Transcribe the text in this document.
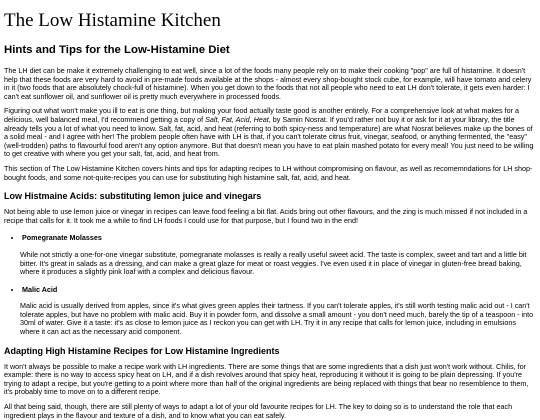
The Low Histamine Kitchen
Hints and Tips for the Low-Histamine Diet

The LH diet can be make it extremely challenging to eat well, since a lot of the foods many people rely on to make their cooking "pop" are full of histamine. It doesn't help that these foods are very hard to avoid in pre-made foods available at the shops - almost every shop-bought stock cube, for example, will have tomato and celery in it (two foods that are absolutely chock-full of histamine). When you get down to the foods that not all people who need to eat LH don't tolerate, it gets even harder: I can't eat sunflower oil, and sunflower oil is pretty much everywhere in processed foods.

Figuring out what won't make you ill to eat is one thing, but making your food actually taste good is another entirely. For a comprehensive look at what makes for a delicious, well balanced meal, I'd recommend getting a copy of Salt, Fat, Acid, Heat, by Samin Nosrat. If you'd rather not buy it or ask for it at your library, the title already tells you a lot of what you need to know. Salt, fat, acid, and heat (referring to both spicy-ness and temperature) are what Nosrat believes make up the bones of a solid meal - and I agree with her! The problem people often have with LH is that, if you can't tolerate citrus fruit, vinegar, seafood, or anything fermented, the "easy" (well-trodden) paths to flavourful food aren't any option anymore. But that doesn't mean you have to eat plain mashed potato for every meal! You just need to be willing to get creative with where you get your salt, fat, acid, and heat from.

This section of The Low Histamine Kitchen covers hints and tips for adapting recipes to LH without compromising on flavour, as well as recomemndations for LH shop-bought foods, and some not-quite-recipes you can use for substituting high histamine salt, fat, acid, and heat.

Low Histmaine Acids: substituting lemon juice and vinegars

Not being able to use lemon juice or vinegar in recipes can leave food feeling a bit flat. Acids bring out other flavours, and the zing is much missed if not included in a recipe that calls for it. It took me a while to find LH foods I could use for that purpose, but I found two in the end!

• Pomegranate Molasses

While not strictly a one-for-one vinegar substitute, pomegranate molasses is really a really useful sweet acid. The taste is complex, sweet and tart and a little bit bitter. It's great in salads as a dressing, and can make a great glaze for meat or roast veggies. I've even used it in place of vinegar in gluten-free bread baking, where it produces a slightly pink loaf with a complex and delicious flavour.

• Malic Acid

Malic acid is usually derived from apples, since it's what gives green apples their tartness. If you can't tolerate apples, it's still worth testing malic acid out - I can't tolerate apples, but have no problem with malic acid. Buy it in powder form, and dissolve a small amount - you don't need much, barely the tip of a teaspoon - into 30ml of water. Give it a taste: it's as close to lemon juice as I reckon you can get with LH. Try it in any recipe that calls for lemon juice, including in emulsions where it can act as the necessary acid component.

Adapting High Histamine Recipes for Low Histamine Ingredients

It won't always be possible to make a recipe work with LH ingredients. There are some things that are some ingredients that a dish just won't work without. Chilis, for example: there is no way to access spicy heat on LH, and if a dish revolves around that spicy heat, reproducing it without it is going to be plain depressing. If you're trying to adapt a recipe, but you're getting to a point where more than half of the original ingredients are being replaced with things that bear no resemblence to them, it's probably time to move on to a different recipe.

All that being said, though, there are still plenty of ways to adapt a lot of your old favourite recipes for LH. The key to doing so is to understand the role that each ingredient plays in the flavour and texture of a dish, and to know what you can eat safely.
